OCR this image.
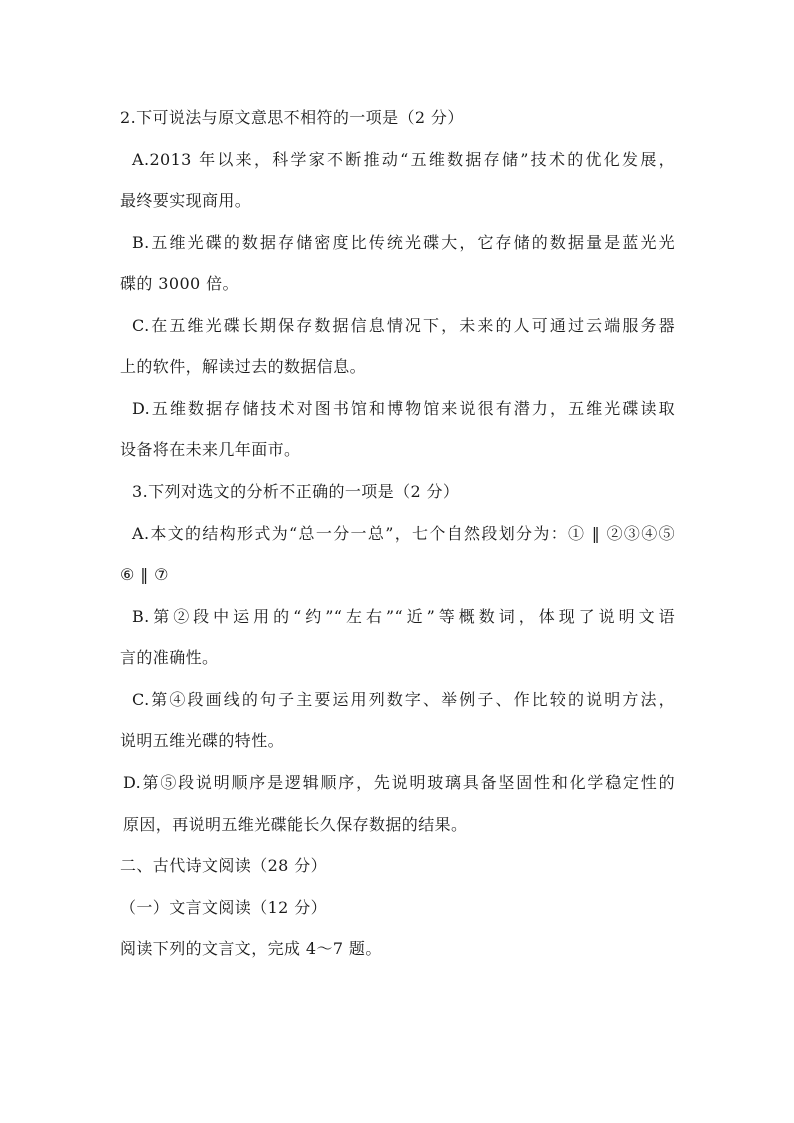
2.下可说法与原文意思不相符的一项是（2 分）
A.2013 年以来，科学家不断推动“五维数据存储”技术的优化发展，
最终要实现商用。
B.五维光碟的数据存储密度比传统光碟大，它存储的数据量是蓝光光
碟的 3000 倍。
C.在五维光碟长期保存数据信息情况下，未来的人可通过云端服务器
上的软件，解读过去的数据信息。
D.五维数据存储技术对图书馆和博物馆来说很有潜力，五维光碟读取
设备将在未来几年面市。
3.下列对选文的分析不正确的一项是（2 分）
A.本文的结构形式为“总一分一总”，七个自然段划分为：① ‖ ②③④⑤
⑥ ‖ ⑦
B.第②段中运用的“约”“左右”“近”等概数词，体现了说明文语
言的准确性。
C.第④段画线的句子主要运用列数字、举例子、作比较的说明方法，
说明五维光碟的特性。
D.第⑤段说明顺序是逻辑顺序，先说明玻璃具备坚固性和化学稳定性的
原因，再说明五维光碟能长久保存数据的结果。
二、古代诗文阅读（28 分）
（一）文言文阅读（12 分）
阅读下列的文言文，完成 4～7 题。
